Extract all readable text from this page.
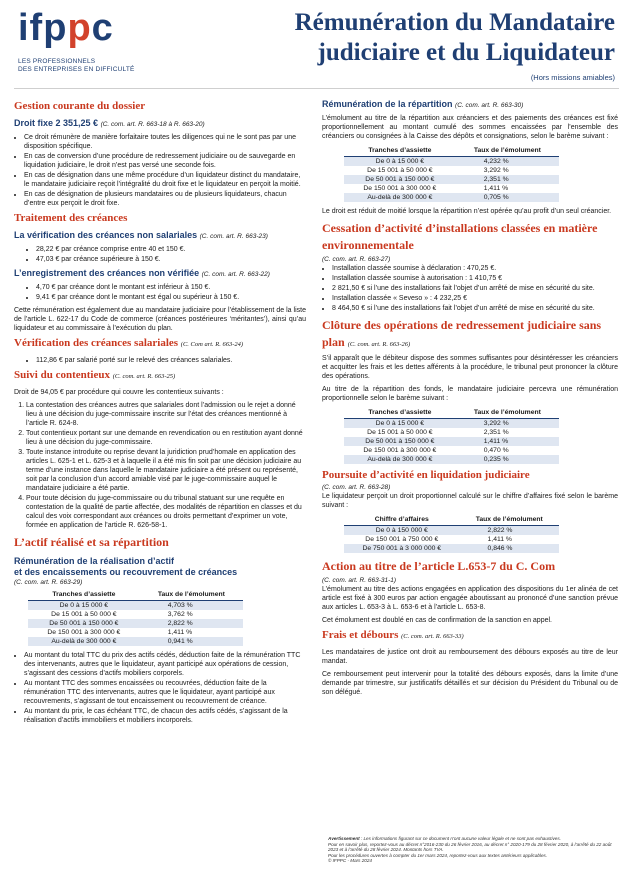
ifppc
LES PROFESSIONNELS
DES ENTREPRISES EN DIFFICULTÉ
Rémunération du Mandataire
judiciaire et du Liquidateur
(Hors missions amiables)
Gestion courante du dossier
Droit fixe 2 351,25 € (C. com. art. R. 663-18 à R. 663-20)
• Ce droit rémunère de manière forfaitaire toutes les diligences qui ne le sont pas par une disposition spécifique.
• En cas de conversion d’une procédure de redressement judiciaire ou de sauvegarde en liquidation judiciaire, le droit n’est pas versé une seconde fois.
• En cas de désignation dans une même procédure d’un liquidateur distinct du mandataire, le mandataire judiciaire reçoit l’intégralité du droit fixe et le liquidateur en perçoit la moitié.
• En cas de désignation de plusieurs mandataires ou de plusieurs liquidateurs, chacun d’entre eux perçoit le droit fixe.
Traitement des créances
La vérification des créances non salariales (C. com. art. R. 663-23)
• 28,22 € par créance comprise entre 40 et 150 €.
• 47,03 € par créance supérieure à 150 €.
L’enregistrement des créances non vérifiée (C. com. art. R. 663-22)
• 4,70 € par créance dont le montant est inférieur à 150 €.
• 9,41 € par créance dont le montant est égal ou supérieur à 150 €.

Cette rémunération est également due au mandataire judiciaire pour l’établissement de la liste de l’article L. 622-17 du Code de commerce (créances postérieures ‘méritantes’), ainsi qu’au liquidateur et au commissaire à l’exécution du plan.

Vérification des créances salariales (C. Com art. R. 663-24)
• 112,86 € par salarié porté sur le relevé des créances salariales.
Suivi du contentieux (C. com. art. R. 663-25)

Droit de 94,05 € par procédure qui couvre les contentieux suivants :

1. La contestation des créances autres que salariales dont l’admission ou le rejet a donné lieu à une décision du juge-commissaire inscrite sur l’état des créances mentionné à l’article R. 624-8.
2. Tout contentieux portant sur une demande en revendication ou en restitution ayant donné lieu à une décision du juge-commissaire.
3. Toute instance introduite ou reprise devant la juridiction prud’homale en application des articles L. 625-1 et L. 625-3 et à laquelle il a été mis fin soit par une décision judiciaire au terme d’une instance dans laquelle le mandataire judiciaire a été présent ou représenté, soit par la conclusion d’un accord amiable visé par le juge-commissaire auquel le mandataire judiciaire a été partie.
4. Pour toute décision du juge-commissaire ou du tribunal statuant sur une requête en contestation de la qualité de partie affectée, des modalités de répartition en classes et du calcul des voix correspondant aux créances ou droits permettant d’exprimer un vote, formée en application de l’article R. 626-58-1.
L’actif réalisé et sa répartition
Rémunération de la réalisation d’actif
et des encaissements ou recouvrement de créances
(C. com. art. R. 663-29)
Tranches d’assiette	Taux de l’émolument
De 0 à 15 000 €	4,703 %
De 15 001 à 50 000 €	3,762 %
De 50 001 à 150 000 €	2,822 %
De 150 001 à 300 000 €	1,411 %
Au-delà de 300 000 €	0,941 %
• Au montant du total TTC du prix des actifs cédés, déduction faite de la rémunération TTC des intervenants, autres que le liquidateur, ayant participé aux opérations de cession, s’agissant des cessions d’actifs mobiliers corporels.
• Au montant TTC des sommes encaissées ou recouvrées, déduction faite de la rémunération TTC des intervenants, autres que le liquidateur, ayant participé aux recouvrements, s’agissant de tout encaissement ou recouvrement de créance.
• Au montant du prix, le cas échéant TTC, de chacun des actifs cédés, s’agissant de la réalisation d’actifs immobiliers et mobiliers incorporels.
Rémunération de la répartition (C. com. art. R. 663-30)

L’émolument au titre de la répartition aux créanciers et des paiements des créances est fixé proportionnellement au montant cumulé des sommes encaissées par l’ensemble des créanciers ou consignées à la Caisse des dépôts et consignations, selon le barème suivant :

Tranches d’assiette	Taux de l’émolument
De 0 à 15 000 €	4,232 %
De 15 001 à 50 000 €	3,292 %
De 50 001 à 150 000 €	2,351 %
De 150 001 à 300 000 €	1,411 %
Au-delà de 300 000 €	0,705 %

Le droit est réduit de moitié lorsque la répartition n’est opérée qu’au profit d’un seul créancier.

Cessation d’activité d’installations classées en matière environnementale
(C. com. art. R. 663-27)
• Installation classée soumise à déclaration : 470,25 €.
• Installation classée soumise à autorisation : 1 410,75 €
• 2 821,50 € si l’une des installations fait l’objet d’un arrêté de mise en sécurité du site.
• Installation classée « Seveso » : 4 232,25 €
• 8 464,50 € si l’une des installations fait l’objet d’un arrêté de mise en sécurité du site.
Clôture des opérations de redressement judiciaire sans plan (C. com. art. R. 663-26)

S’il apparaît que le débiteur dispose des sommes suffisantes pour désintéresser les créanciers et acquitter les frais et les dettes afférents à la procédure, le tribunal peut prononcer la clôture des opérations.

Au titre de la répartition des fonds, le mandataire judiciaire percevra une rémunération proportionnelle selon le barème suivant :

Tranches d’assiette	Taux de l’émolument
De 0 à 15 000 €	3,292 %
De 15 001 à 50 000 €	2,351 %
De 50 001 à 150 000 €	1,411 %
De 150 001 à 300 000 €	0,470 %
Au-delà de 300 000 €	0,235 %
Poursuite d’activité en liquidation judiciaire
(C. com. art. R. 663-28)

Le liquidateur perçoit un droit proportionnel calculé sur le chiffre d’affaires fixé selon le barème suivant :

Chiffre d’affaires	Taux de l’émolument
De 0 à 150 000 €	2,822 %
De 150 001 à 750 000 €	1,411 %
De 750 001 à 3 000 000 €	0,846 %
Action au titre de l’article L.653-7 du C. Com
(C. com. art. R. 663-31-1)

L’émolument au titre des actions engagées en application des dispositions du 1er alinéa de cet article est fixé à 300 euros par action engagée aboutissant au prononcé d’une sanction prévue aux articles L. 653-3 à L. 653-6 et à l’article L. 653-8.

Cet émolument est doublé en cas de confirmation de la sanction en appel.

Frais et débours (C. com. art. R. 663-33)

Les mandataires de justice ont droit au remboursement des débours exposés au titre de leur mandat.

Ce remboursement peut intervenir pour la totalité des débours exposés, dans la limite d’une demande par trimestre, sur justificatifs détaillés et sur décision du Président du Tribunal ou de son délégué.

Avertissement : Les informations figurant sur ce document n’ont aucune valeur légale et ne sont pas exhaustives.
Pour en savoir plus, reportez-vous au décret n°2016-230 du 26 février 2016, au décret n° 2020-179 du 28 février 2020, à l’arrêté du 22 août 2023 et à l’arrêté du 28 février 2024. Montants hors TVA.
Pour les procédures ouvertes à compter du 1er mars 2024, reportez-vous aux textes antérieurs applicables.
© IFPPC - Mars 2024
